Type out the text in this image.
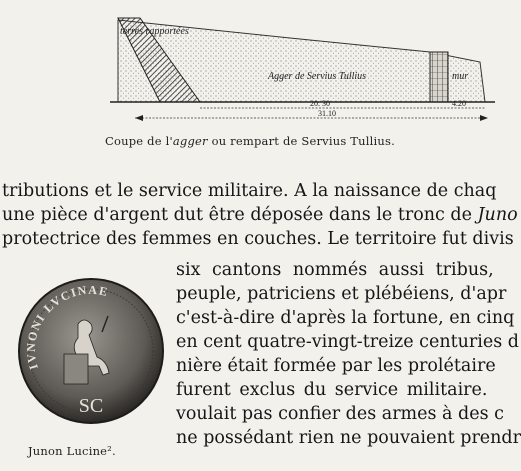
terres rapportées
Agger de Servius Tullius	mur
20. 30	4.20
31.10
Coupe de l'agger ou rempart de Servius Tullius.
tributions et le service militaire. A la naissance de chaq
une pièce d'argent dut être déposée dans le tronc de Juno
protectrice des femmes en couches. Le territoire fut divis
six cantons nommés aussi tribus,
peuple, patriciens et plébéiens, d'apr
c'est-à-dire d'après la fortune, en cinq
en cent quatre-vingt-treize centuries d
nière était formée par les prolétaire
furent exclus du service militaire.
voulait pas confier des armes à des c
ne possédant rien ne pouvaient prendr
IVNONI LVCINAE
SC
Junon Lucine².
